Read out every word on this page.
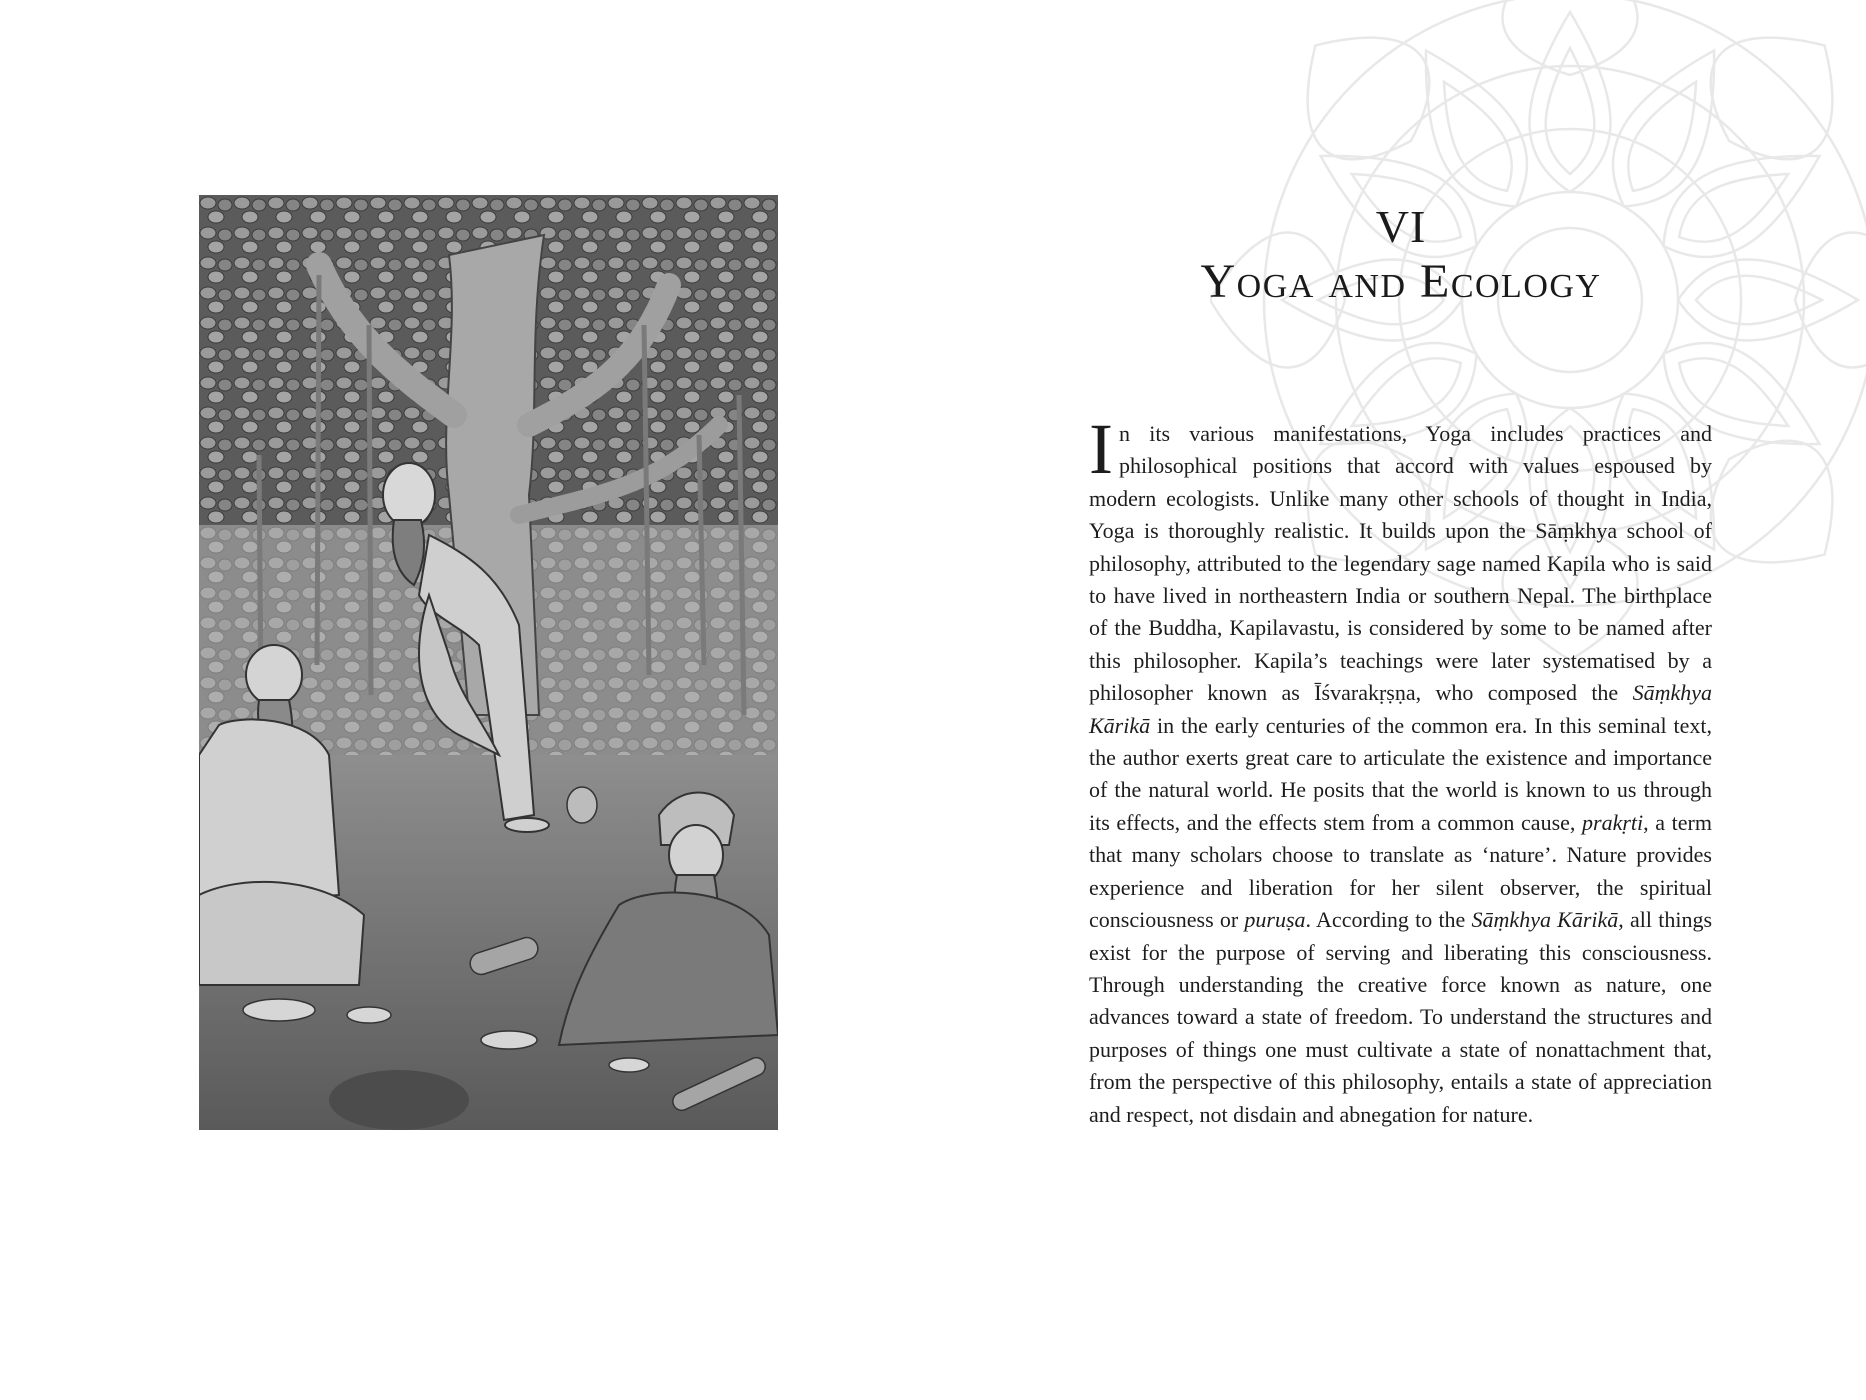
VI
Yoga and Ecology
In its various manifestations, Yoga includes practices and philosophical positions that accord with values espoused by modern ecologists. Unlike many other schools of thought in India, Yoga is thoroughly realistic. It builds upon the Sāṃkhya school of philosophy, attributed to the legendary sage named Kapila who is said to have lived in northeastern India or southern Nepal. The birthplace of the Buddha, Kapilavastu, is considered by some to be named after this philosopher. Kapila’s teachings were later systematised by a philosopher known as Īśvarakṛṣṇa, who composed the Sāṃkhya Kārikā in the early centuries of the common era. In this seminal text, the author exerts great care to articulate the existence and importance of the natural world. He posits that the world is known to us through its effects, and the effects stem from a common cause, prakṛti, a term that many scholars choose to translate as ‘nature’. Nature provides experience and liberation for her silent observer, the spiritual consciousness or puruṣa. According to the Sāṃkhya Kārikā, all things exist for the purpose of serving and liberating this consciousness. Through understanding the creative force known as nature, one advances toward a state of freedom. To understand the structures and purposes of things one must cultivate a state of nonattachment that, from the perspective of this philosophy, entails a state of appreciation and respect, not disdain and abnegation for nature.
